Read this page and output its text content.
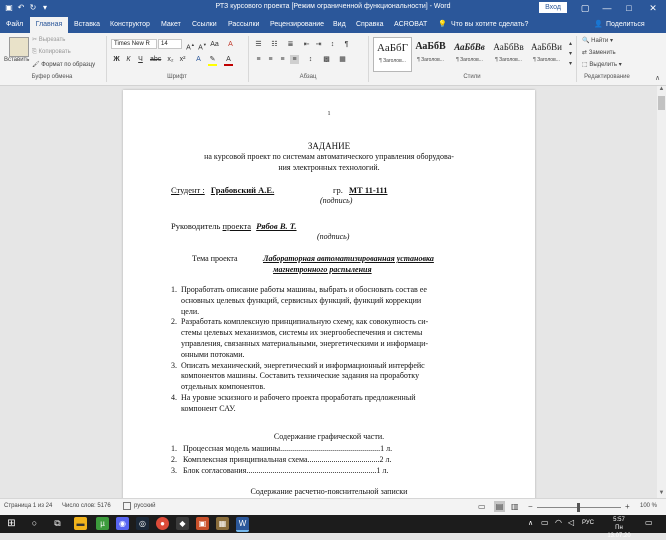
▣ ↶ ↻ ▾	РТЗ курсового проекта [Режим ограниченной функциональности] - Word	Вход	▢	—	□	✕
Файл	Главная	Вставка Конструктор Макет Ссылки Рассылки Рецензирование Вид Справка ACROBAT 💡 Что вы хотите сделать?	👤 Поделиться
Вставить
✂ Вырезать
⎘ Копировать
🖌 Формат по образцу
Буфер обмена
Times New R	14
A▲ A▼ Aa	A
Ж К	Ч	abc x₂ x²	A	✎	A
Шрифт
☰ ☷ ≣ ⇤ ⇥	↕	¶
≡	≡	≡	≡	↕	▩ ▦
Абзац
АаБбГ
¶ Заголов...
АаБбВ
¶ Заголов...
АаБбВв
¶ Заголов...
АаБбВв
¶ Заголов...
АаБбВи
¶ Заголов...
▴
▾
▾
Стили
🔍 Найти ▾
⇄ Заменить
⬚ Выделить ▾
Редактирование	∧
▲
▼
1
ЗАДАНИЕ
на курсовой проект по системам автоматического управления оборудова-
ния электронных технологий.
Студент : Грабовский А.Е.	гр. МТ 11-111
(подпись)
Руководитель проекта Рябов В. Т.
(подпись)
Тема проекта	Лабораторная автоматизированная установка
магнетронного распыления
1. Проработать описание работы машины, выбрать и обосновать состав ее
основных целевых функций, сервисных функций, функций коррекции
цели.
2. Разработать комплексную принципиальную схему, как совокупность си-
стемы целевых механизмов, системы их энергообеспечения и системы
управления, связанных материальными, энергетическими и информаци-
онными потоками.
3. Описать механический, энергетический и информационный интерфейс
компонентов машины. Составить технические задания на проработку
отдельных компонентов.
4. На уровне эскизного и рабочего проекта проработать предложенный
компонент САУ.
Содержание графической части.
1. Процессная модель машины..................................................1 л.
2. Комплексная принципиальная схема....................................2 л.
3. Блок согласования.................................................................1 л.
Содержание расчетно-пояснительной записки
Страница 1 из 24 Число слов: 5176	русский	▭ ▤ ▥ −	+ 100 %
⊞	○	⧉	▬	µ	◉	◎	●	◆	▣	▦	W	∧ ▭ ◠ ◁ РУС	5:57
Пн 13.07.20
▭
